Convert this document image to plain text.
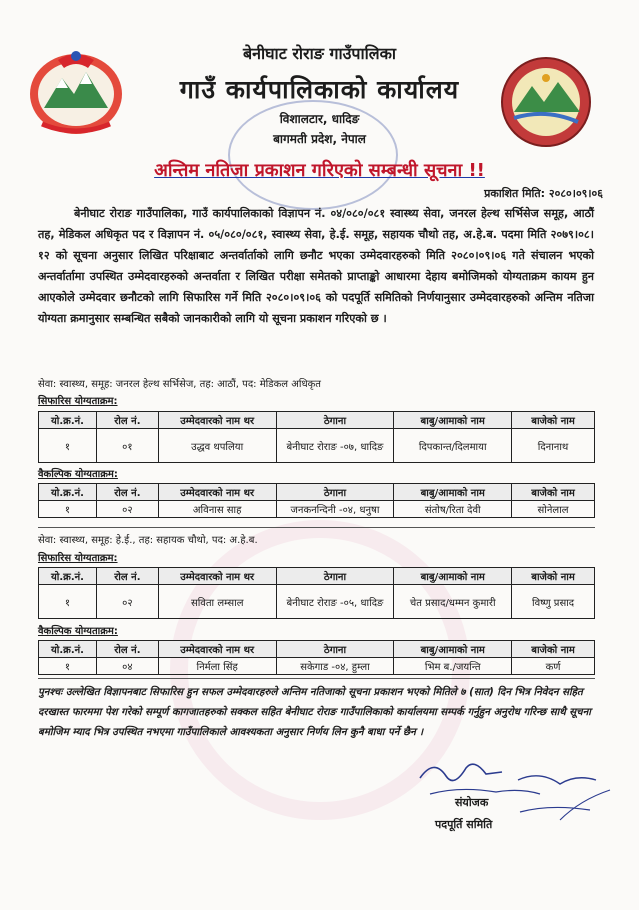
बेनीघाट रोराङ गाउँपालिका
गाउँ कार्यपालिकाको कार्यालय
विशालटार, धादिङ
बागमती प्रदेश, नेपाल
अन्तिम नतिजा प्रकाशन गरिएको सम्बन्धी सूचना !!
प्रकाशित मिति: २०८०।०९।०६

बेनीघाट रोराङ गाउँपालिका, गाउँ कार्यपालिकाको विज्ञापन नं. ०४/०८०/०८१ स्वास्थ्य सेवा, जनरल हेल्थ सर्भिसेज समूह, आठौं तह, मेडिकल अधिकृत पद र विज्ञापन नं. ०५/०८०/०८१, स्वास्थ्य सेवा, हे.ई. समूह, सहायक चौथो तह, अ.हे.ब. पदमा मिति २०७९।०८।१२ को सूचना अनुसार लिखित परिक्षाबाट अन्तर्वार्ताको लागि छनौट भएका उम्मेदवारहरुको मिति २०८०।०९।०६ गते संचालन भएको अन्तर्वार्तामा उपस्थित उम्मेदवारहरुको अन्तर्वाता र लिखित परीक्षा समेतको प्राप्ताङ्को आधारमा देहाय बमोजिमको योग्यताक्रम कायम हुन आएकोले उम्मेदवार छनौटको लागि सिफारिस गर्ने मिति २०८०।०९।०६ को पदपूर्ति समितिको निर्णयानुसार उम्मेदवारहरुको अन्तिम नतिजा योग्यता क्रमानुसार सम्बन्धित सबैको जानकारीको लागि यो सूचना प्रकाशन गरिएको छ ।

सेवा: स्वास्थ्य, समूह: जनरल हेल्थ सर्भिसेज, तह: आठौं, पद: मेडिकल अधिकृत
सिफारिस योग्यताक्रम:
यो.क्र.नं.	रोल नं.	उम्मेदवारको नाम थर	ठेगाना	बाबु/आमाको नाम	बाजेको नाम
१	०१	उद्धव थपलिया	बेनीघाट रोराङ -०७, धादिङ	दिपकान्त/दिलमाया	दिनानाथ
वैकल्पिक योग्यताक्रम:
यो.क्र.नं.	रोल नं.	उम्मेदवारको नाम थर	ठेगाना	बाबु/आमाको नाम	बाजेको नाम
१	०२	अविनास साह	जनकनन्दिनी -०४, धनुषा	संतोष/रिता देवी	सोनेलाल
सेवा: स्वास्थ्य, समूह: हे.ई., तह: सहायक चौथो, पद: अ.हे.ब.
सिफारिस योग्यताक्रम:
यो.क्र.नं.	रोल नं.	उम्मेदवारको नाम थर	ठेगाना	बाबु/आमाको नाम	बाजेको नाम
१	०२	सविता लम्साल	बेनीघाट रोराङ -०५, धादिङ	चेत प्रसाद/धम्मन कुमारी	विष्णु प्रसाद
वैकल्पिक योग्यताक्रम:
यो.क्र.नं.	रोल नं.	उम्मेदवारको नाम थर	ठेगाना	बाबु/आमाको नाम	बाजेको नाम
१	०४	निर्मला सिंह	सकेगाड -०४, हुम्ला	भिम ब./जयन्ति	कर्ण

पुनश्चः उल्लेखित विज्ञापनबाट सिफारिस हुन सफल उम्मेदवारहरुले अन्तिम नतिजाको सूचना प्रकाशन भएको मितिले ७ (सात) दिन भित्र निवेदन सहित दरखास्त फारममा पेश गरेको सम्पूर्ण कागजातहरुको सक्कल सहित बेनीघाट रोराङ गाउँपालिकाको कार्यालयमा सम्पर्क गर्नुहुन अनुरोध गरिन्छ साथै सूचना बमोजिम म्याद भित्र उपस्थित नभएमा गाउँपालिकाले आवश्यकता अनुसार निर्णय लिन कुनै बाधा पर्ने छैन ।

संयोजक
पदपूर्ति समिति
